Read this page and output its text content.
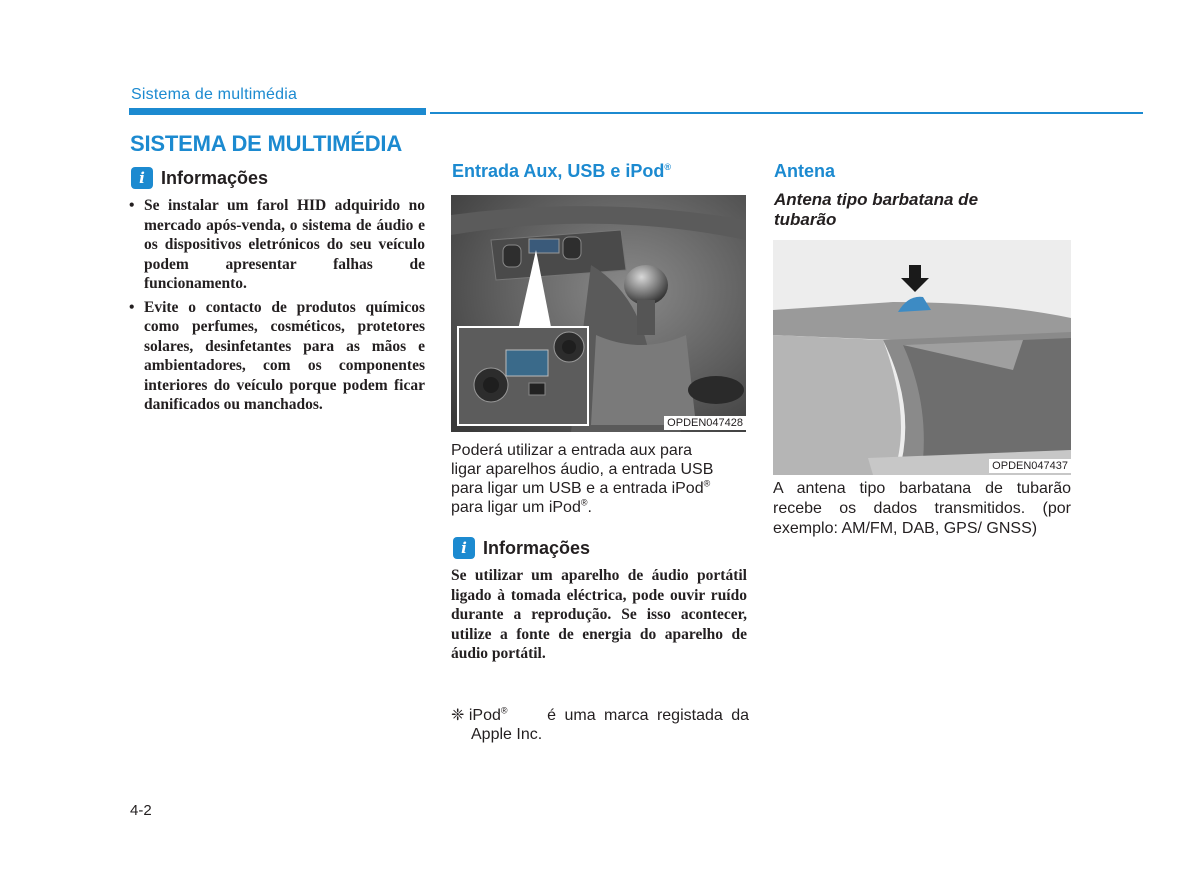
Sistema de multimédia
SISTEMA DE MULTIMÉDIA
i Informações
• Se instalar um farol HID adquirido no mercado após-venda, o sistema de áudio e os dispositivos eletrónicos do seu veículo podem apresentar falhas de funcionamento.
• Evite o contacto de produtos químicos como perfumes, cosméticos, protetores solares, desinfetantes para as mãos e ambientadores, com os componentes interiores do veículo porque podem ficar danificados ou manchados.
Entrada Aux, USB e iPod®
OPDEN047428
Poderá utilizar a entrada aux para
ligar aparelhos áudio, a entrada USB
para ligar um USB e a entrada iPod®
para ligar um iPod®.
i Informações
Se utilizar um aparelho de áudio portátil ligado à tomada eléctrica, pode ouvir ruído durante a reprodução. Se isso acontecer, utilize a fonte de energia do aparelho de áudio portátil.
❈ iPod® é uma marca registada da
Apple Inc.
Antena
Antena tipo barbatana de tubarão
OPDEN047437
A antena tipo barbatana de tubarão recebe os dados transmitidos. (por exemplo: AM/FM, DAB, GPS/ GNSS)
4-2
